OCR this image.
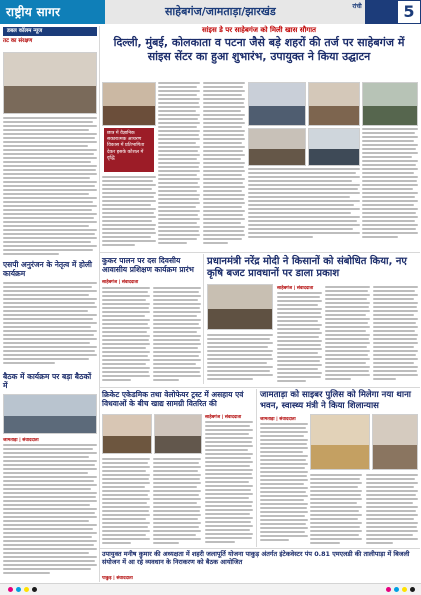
राष्ट्रीय सागर	साहेबगंज/जामताड़ा/झारखंड	रांची	5
डबल कॉलम न्यूज
तट का संरक्षण
सांइस डे पर साहेबगंज को मिली खास सौगात
दिल्ली, मुंबई, कोलकाता व पटना जैसे बड़े शहरों की तर्ज पर साहेबगंज में सांइस सेंटर का हुआ शुभारंभ, उपायुक्त ने किया उद्घाटन
एसपी अनुरंजन के नेतृत्व में होली कार्यक्रम
बैठक में कार्यक्रम पर बड़ा बैठकों में
जामताड़ा | संवाददाता
छात्र में वैज्ञानिक सकारात्मक आचरण विकास में प्रतिभागिता देकर इसके कौशल में वृद्धि
कुकर पालन पर दस दिवसीय आवासीय प्रशिक्षण कार्यक्रम प्रारंभ
साहेबगंज | संवाददाता
प्रधानमंत्री नरेंद्र मोदी ने किसानों को संबोधित किया, नए कृषि बजट प्रावधानों पर डाला प्रकाश
साहेबगंज | संवाददाता
क्रिकेट एकेडमिक तथा वेलोफेयर ट्रस्ट में असहाय एवं विधवाओं के बीच खाद्य सामग्री वितरित की
साहेबगंज | संवाददाता
जामताड़ा को साइबर पुलिस को मिलेगा नया थाना भवन, स्वास्थ्य मंत्री ने किया शिलान्यास
जामताड़ा | संवाददाता
उपायुक्त मनीष कुमार की अध्यक्षता में शहरी जलापूर्ति योजना पाकुड़ अंतर्गत इंटेकवेस्टर पंप 0.81 एमएलडी की तालीपाड़ा में बिजली संयोजन में आ रहे व्यवधान के निराकरण को बैठक आयोजित
पाकुड़ | संवाददाता
